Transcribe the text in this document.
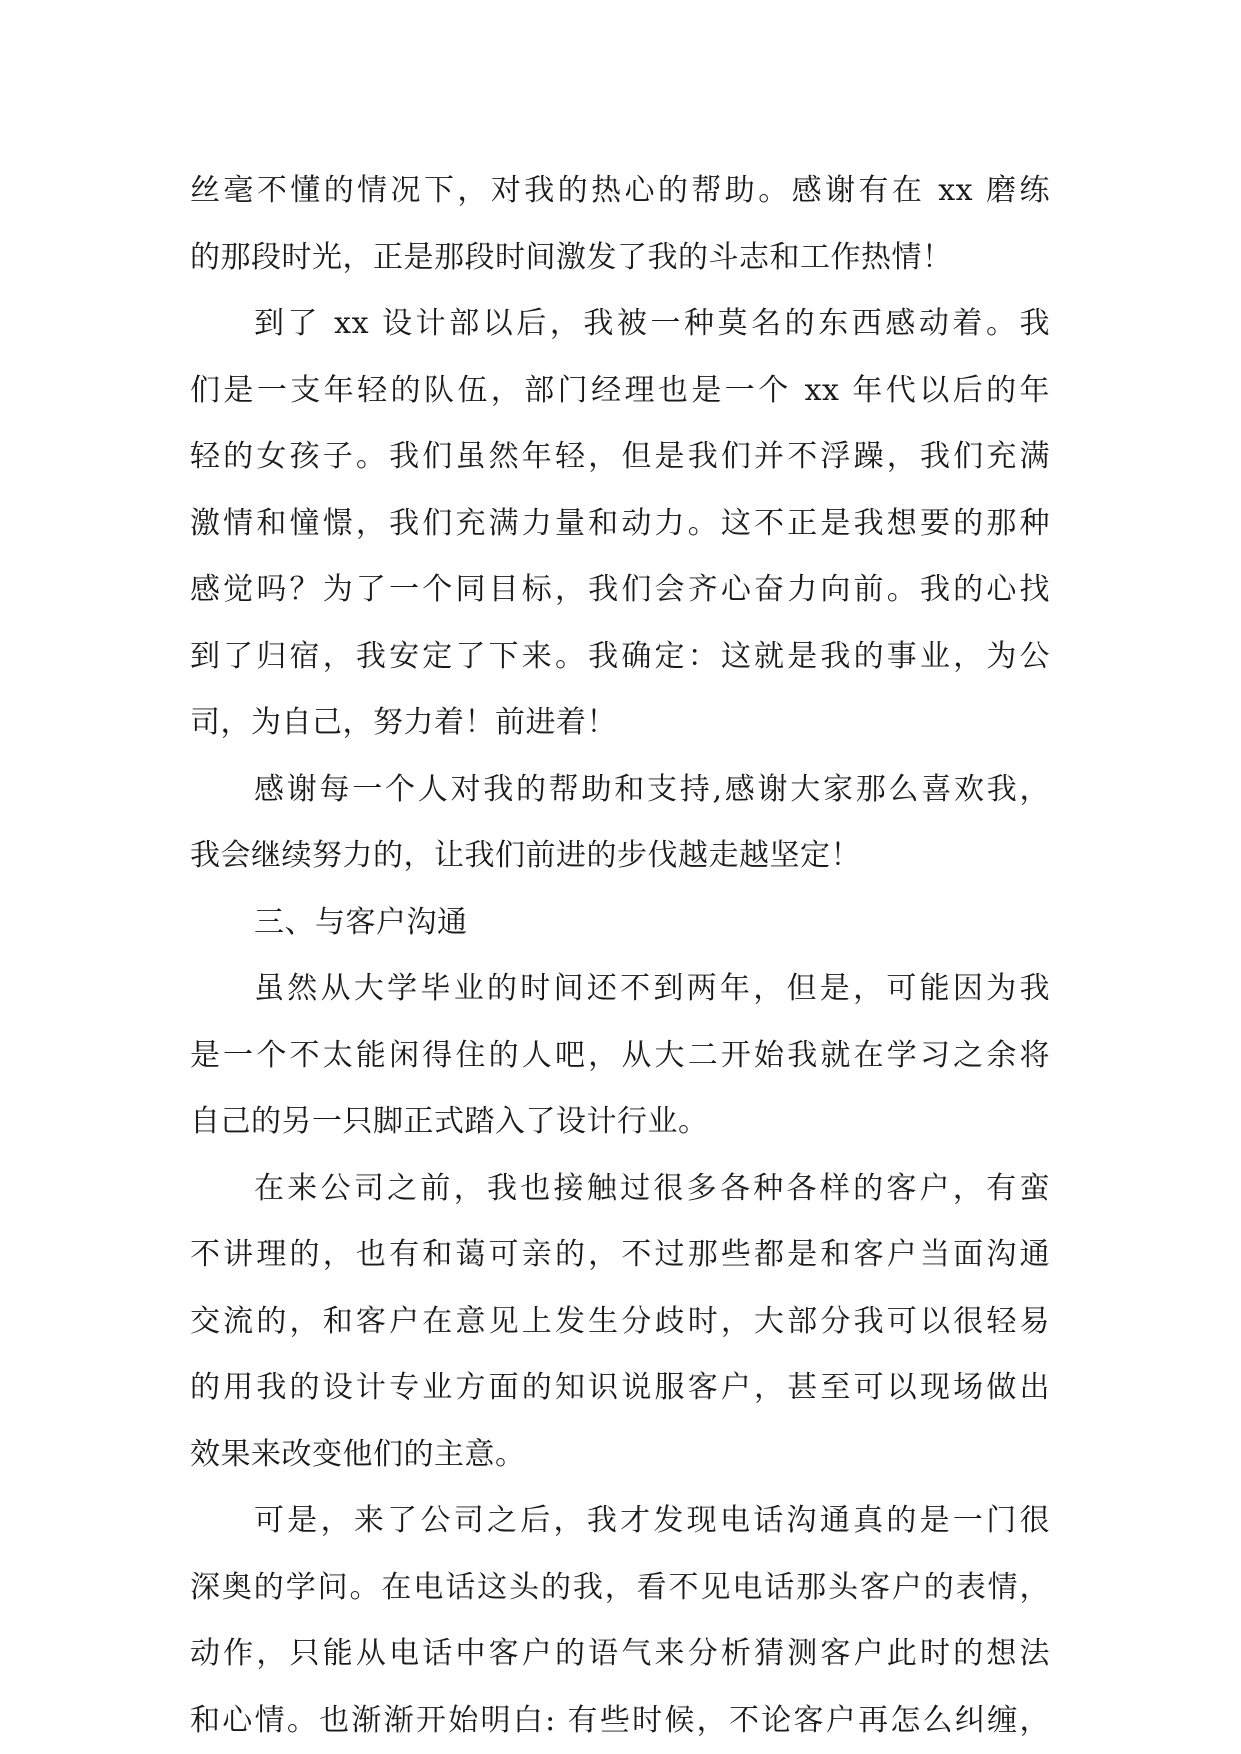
丝毫不懂的情况下，对我的热心的帮助。感谢有在 xx 磨练
的那段时光，正是那段时间激发了我的斗志和工作热情！
到了 xx 设计部以后，我被一种莫名的东西感动着。我
们是一支年轻的队伍，部门经理也是一个 xx 年代以后的年
轻的女孩子。我们虽然年轻，但是我们并不浮躁，我们充满
激情和憧憬，我们充满力量和动力。这不正是我想要的那种
感觉吗？为了一个同目标，我们会齐心奋力向前。我的心找
到了归宿，我安定了下来。我确定：这就是我的事业，为公
司，为自己，努力着！前进着！
感谢每一个人对我的帮助和支持,感谢大家那么喜欢我，
我会继续努力的，让我们前进的步伐越走越坚定！
三、与客户沟通
虽然从大学毕业的时间还不到两年，但是，可能因为我
是一个不太能闲得住的人吧，从大二开始我就在学习之余将
自己的另一只脚正式踏入了设计行业。
在来公司之前，我也接触过很多各种各样的客户，有蛮
不讲理的，也有和蔼可亲的，不过那些都是和客户当面沟通
交流的，和客户在意见上发生分歧时，大部分我可以很轻易
的用我的设计专业方面的知识说服客户，甚至可以现场做出
效果来改变他们的主意。
可是，来了公司之后，我才发现电话沟通真的是一门很
深奥的学问。在电话这头的我，看不见电话那头客户的表情，
动作，只能从电话中客户的语气来分析猜测客户此时的想法
和心情。也渐渐开始明白: 有些时候，不论客户再怎么纠缠，
